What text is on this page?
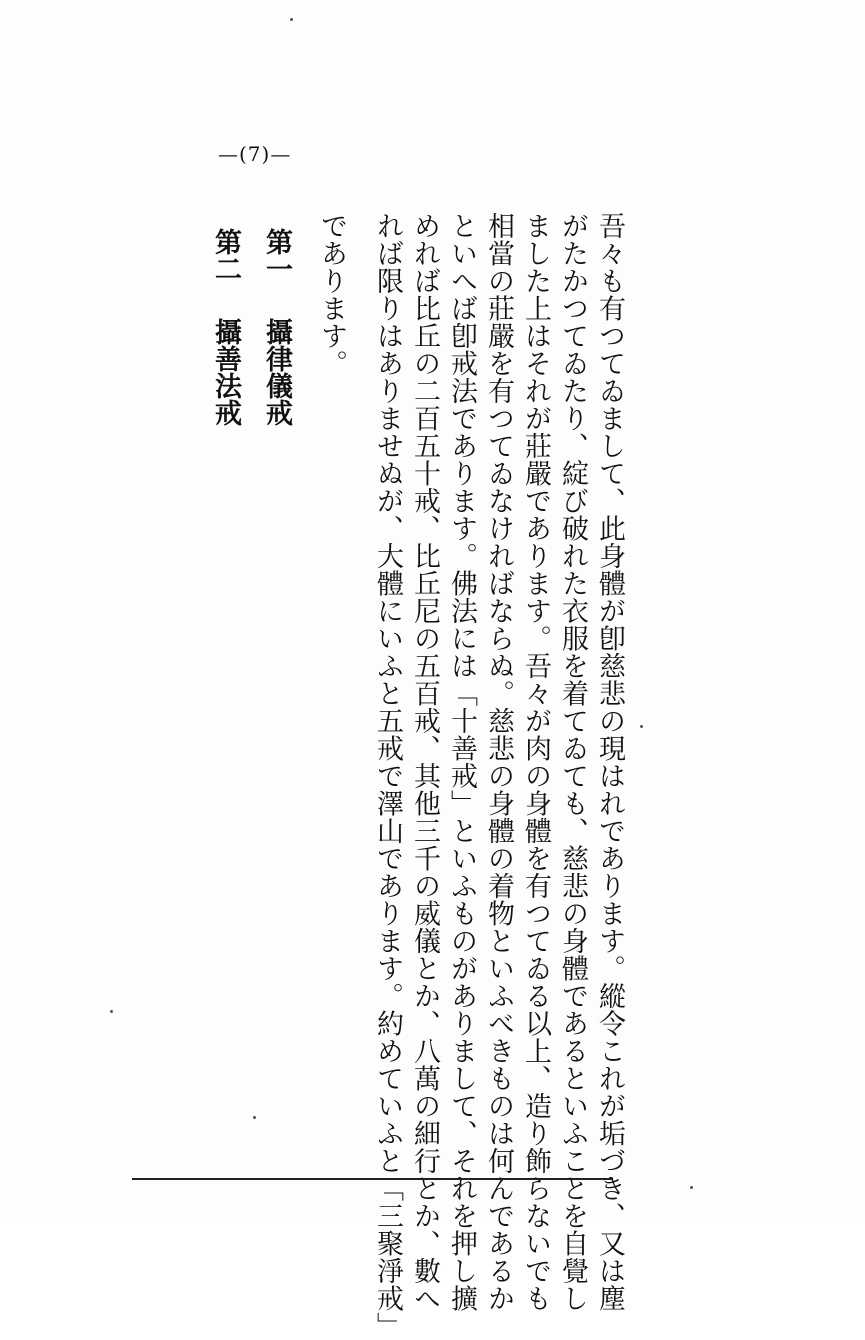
—(7)—
吾々も有つてゐまして、此身體が卽慈悲の現はれであります。縱令これが垢づき、又は塵
がたかつてゐたり、綻び破れた衣服を着てゐても、慈悲の身體であるといふことを自覺し
ました上はそれが莊嚴であります。吾々が肉の身體を有つてゐる以上、造り飾らないでも
相當の莊嚴を有つてゐなければならぬ。慈悲の身體の着物といふべきものは何んであるか
といへば卽戒法であります。佛法には「十善戒」といふものがありまして、それを押し擴
めれば比丘の二百五十戒、比丘尼の五百戒、其他三千の威儀とか、八萬の細行とか、數へ
れば限りはありませぬが、大體にいふと五戒で澤山であります。約めていふと「三聚淨戒」
であります。
第一
攝律儀戒
第二
攝善法戒
